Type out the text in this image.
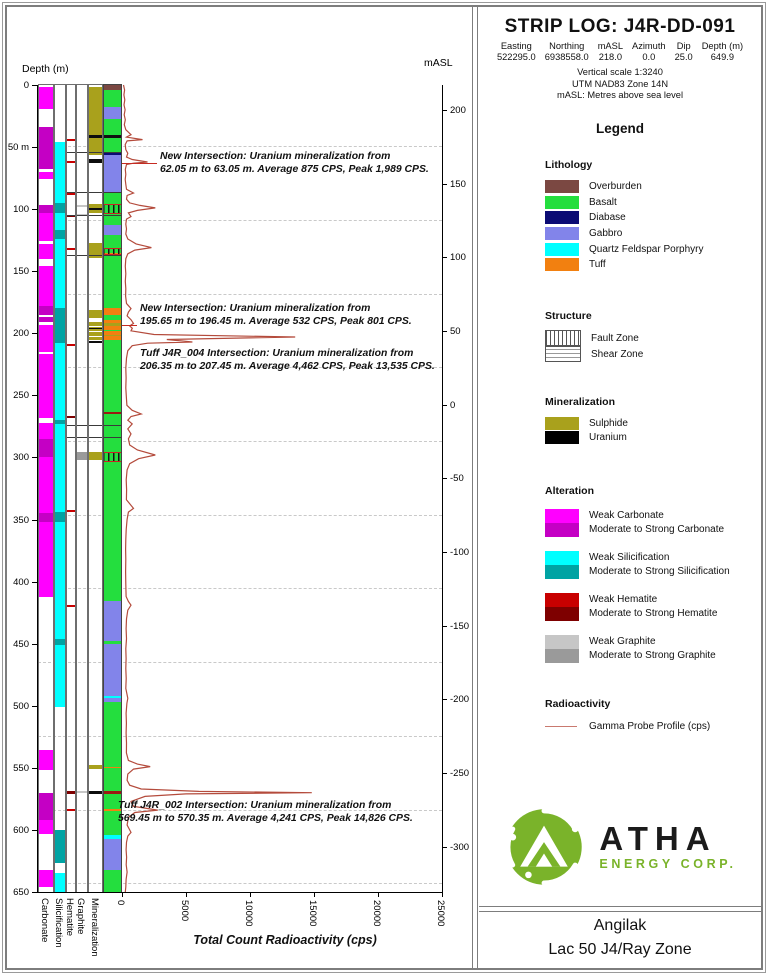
Depth (m)	mASL
Total Count Radioactivity (cps)
0
50 m
100
150
200
250
300
350
400
450
500
550
600
650
200
150
100
50
0
-50
-100
-150
-200
-250
-300
0	5000	10000	15000	20000	25000
Carbonate Silicification Hematite Graphite Mineralization
New Intersection: Uranium mineralization from
62.05 m to 63.05 m. Average 875 CPS, Peak 1,989 CPS.
New Intersection: Uranium mineralization from
195.65 m to 196.45 m. Average 532 CPS, Peak 801 CPS.
Tuff J4R_004 Intersection: Uranium mineralization from
206.35 m to 207.45 m. Average 4,462 CPS, Peak 13,535 CPS.
Tuff J4R_002 Intersection: Uranium mineralization from
569.45 m to 570.35 m. Average 4,241 CPS, Peak 14,826 CPS.
STRIP LOG: J4R-DD-091
Easting
522295.0
Northing
6938558.0
mASL
218.0
Azimuth
0.0
Dip
25.0
Depth (m)
649.9
Vertical scale 1:3240
UTM NAD83 Zone 14N
mASL: Metres above sea level
Legend
Lithology
Overburden
Basalt
Diabase
Gabbro
Quartz Feldspar Porphyry
Tuff
Structure
Fault Zone
Shear Zone
Mineralization
Sulphide
Uranium
Alteration
Weak Carbonate
Moderate to Strong Carbonate
Weak Silicification
Moderate to Strong Silicification
Weak Hematite
Moderate to Strong Hematite
Weak Graphite
Moderate to Strong Graphite
Radioactivity
Gamma Probe Profile (cps)
ATHA
ENERGY CORP.
Angilak
Lac 50 J4/Ray Zone
